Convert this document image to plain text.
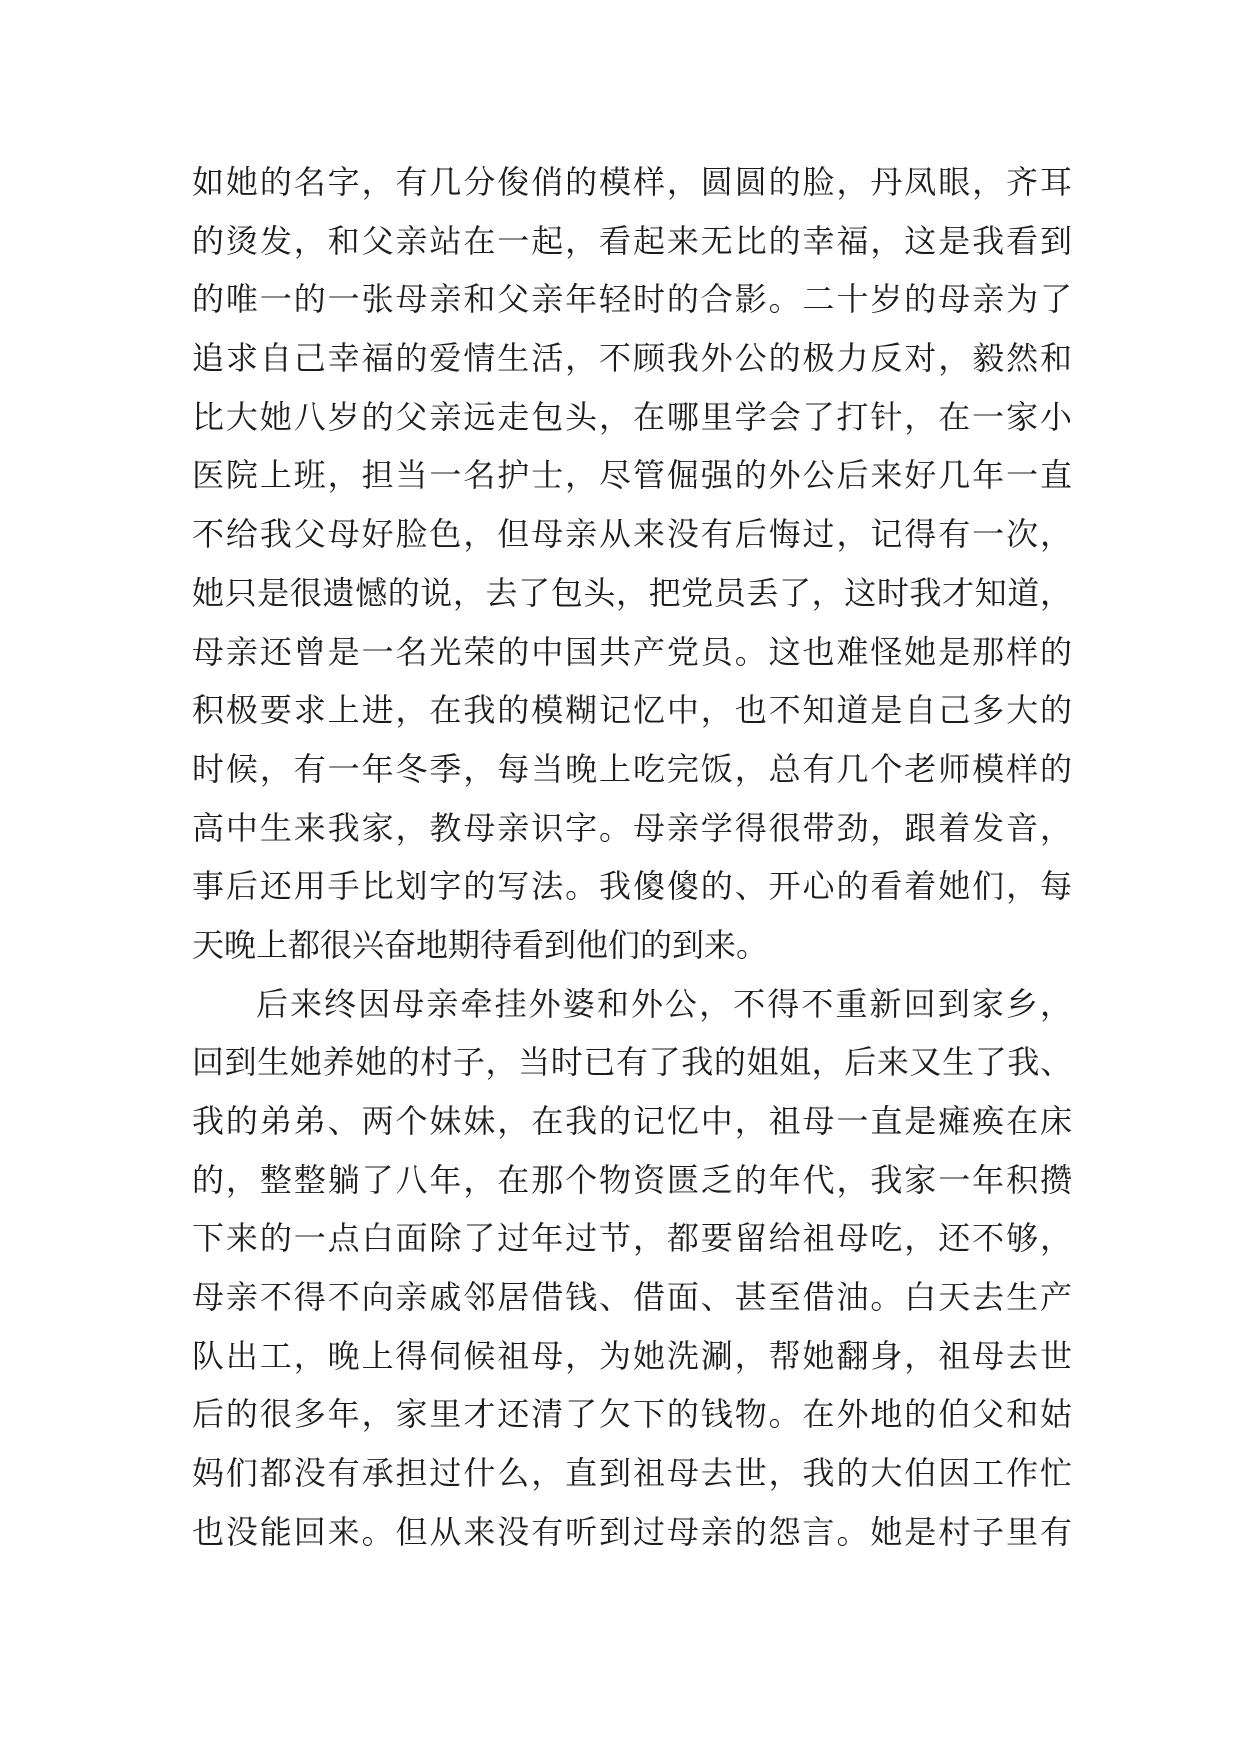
如她的名字，有几分俊俏的模样，圆圆的脸，丹凤眼，齐耳
的烫发，和父亲站在一起，看起来无比的幸福，这是我看到
的唯一的一张母亲和父亲年轻时的合影。二十岁的母亲为了
追求自己幸福的爱情生活，不顾我外公的极力反对，毅然和
比大她八岁的父亲远走包头，在哪里学会了打针，在一家小
医院上班，担当一名护士，尽管倔强的外公后来好几年一直
不给我父母好脸色，但母亲从来没有后悔过，记得有一次，
她只是很遗憾的说，去了包头，把党员丢了，这时我才知道，
母亲还曾是一名光荣的中国共产党员。这也难怪她是那样的
积极要求上进，在我的模糊记忆中，也不知道是自己多大的
时候，有一年冬季，每当晚上吃完饭，总有几个老师模样的
高中生来我家，教母亲识字。母亲学得很带劲，跟着发音，
事后还用手比划字的写法。我傻傻的、开心的看着她们，每
天晚上都很兴奋地期待看到他们的到来。
后来终因母亲牵挂外婆和外公，不得不重新回到家乡，
回到生她养她的村子，当时已有了我的姐姐，后来又生了我、
我的弟弟、两个妹妹，在我的记忆中，祖母一直是瘫痪在床
的，整整躺了八年，在那个物资匮乏的年代，我家一年积攒
下来的一点白面除了过年过节，都要留给祖母吃，还不够，
母亲不得不向亲戚邻居借钱、借面、甚至借油。白天去生产
队出工，晚上得伺候祖母，为她洗涮，帮她翻身，祖母去世
后的很多年，家里才还清了欠下的钱物。在外地的伯父和姑
妈们都没有承担过什么，直到祖母去世，我的大伯因工作忙
也没能回来。但从来没有听到过母亲的怨言。她是村子里有
